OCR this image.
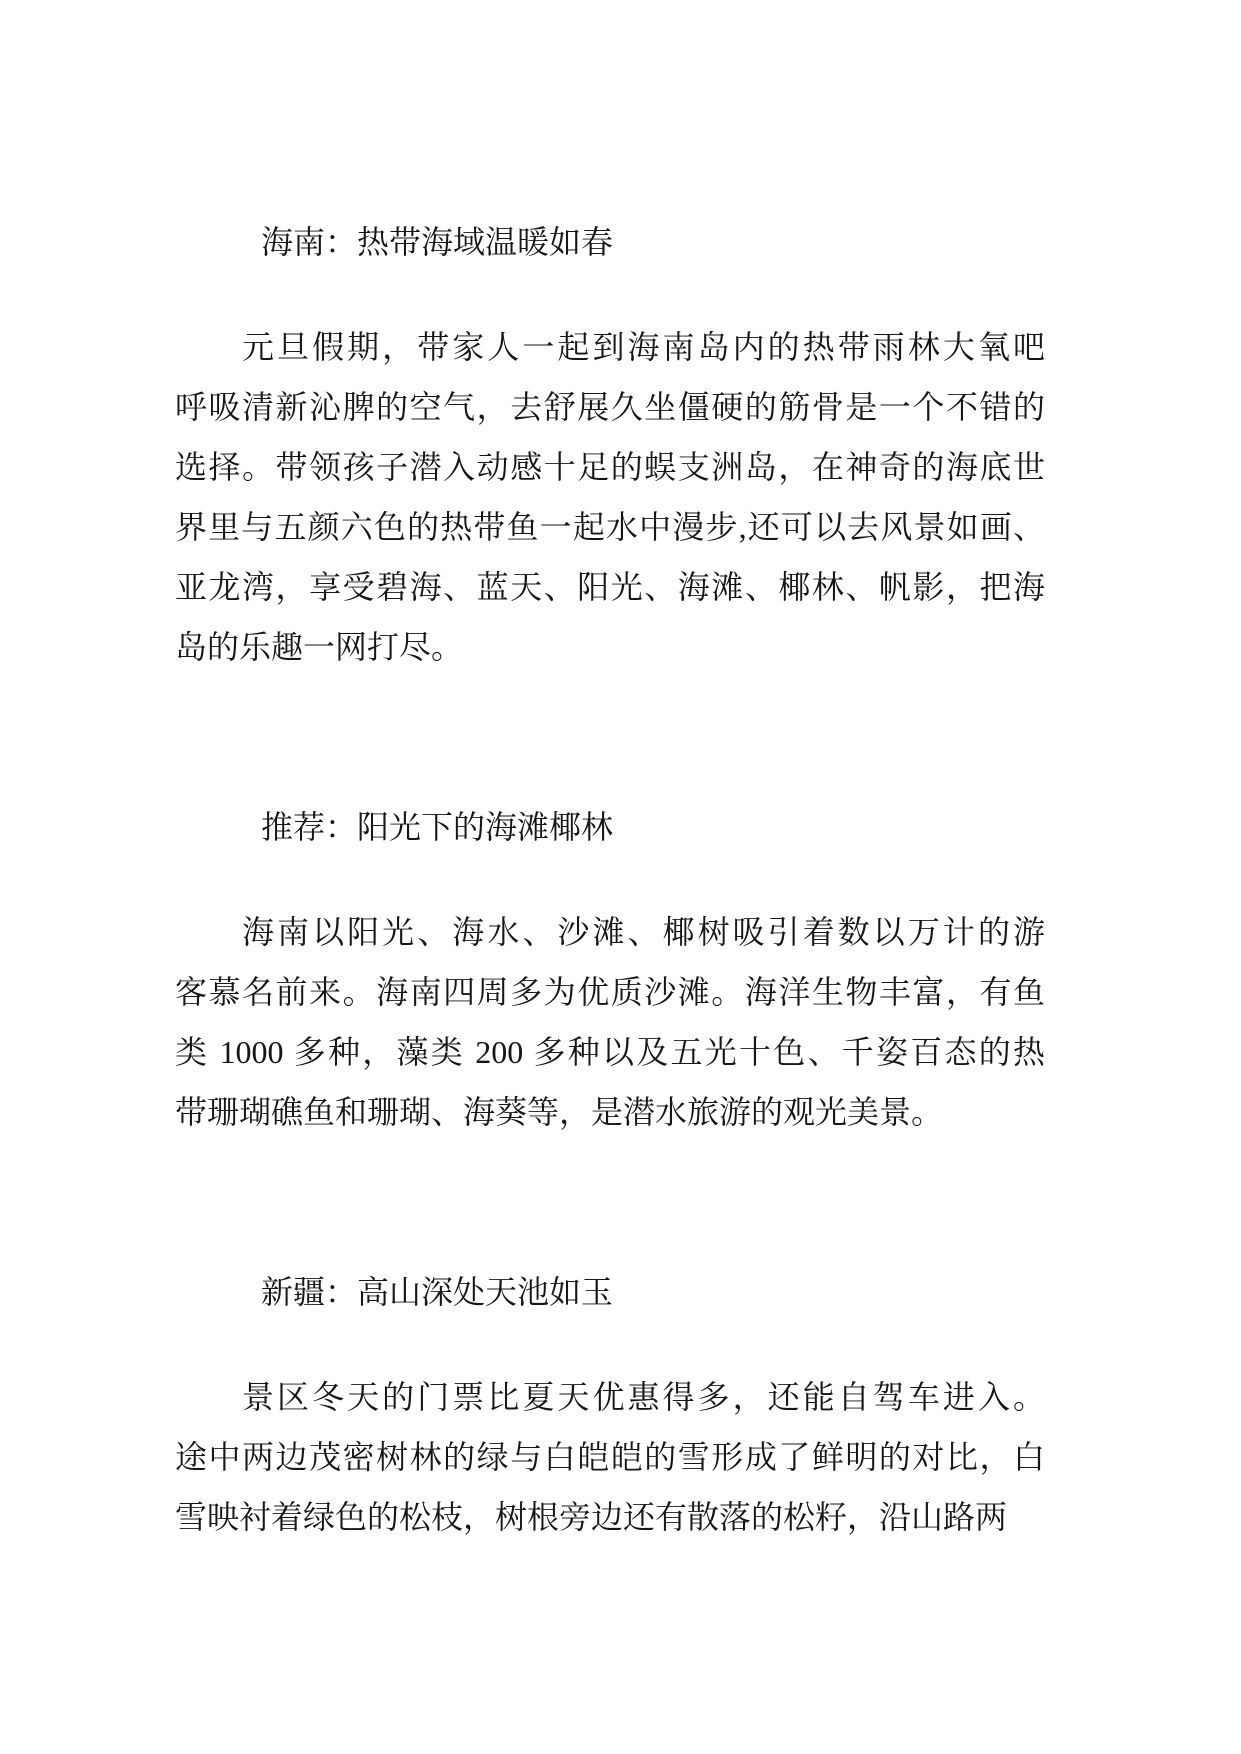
海南：热带海域温暖如春
元旦假期，带家人一起到海南岛内的热带雨林大氧吧
呼吸清新沁脾的空气，去舒展久坐僵硬的筋骨是一个不错的
选择。带领孩子潜入动感十足的蜈支洲岛，在神奇的海底世
界里与五颜六色的热带鱼一起水中漫步,还可以去风景如画、
亚龙湾，享受碧海、蓝天、阳光、海滩、椰林、帆影，把海
岛的乐趣一网打尽。
推荐：阳光下的海滩椰林
海南以阳光、海水、沙滩、椰树吸引着数以万计的游
客慕名前来。海南四周多为优质沙滩。海洋生物丰富，有鱼
类 1000 多种，藻类 200 多种以及五光十色、千姿百态的热
带珊瑚礁鱼和珊瑚、海葵等，是潜水旅游的观光美景。
新疆：高山深处天池如玉
景区冬天的门票比夏天优惠得多，还能自驾车进入。
途中两边茂密树林的绿与白皑皑的雪形成了鲜明的对比，白
雪映衬着绿色的松枝，树根旁边还有散落的松籽，沿山路两
